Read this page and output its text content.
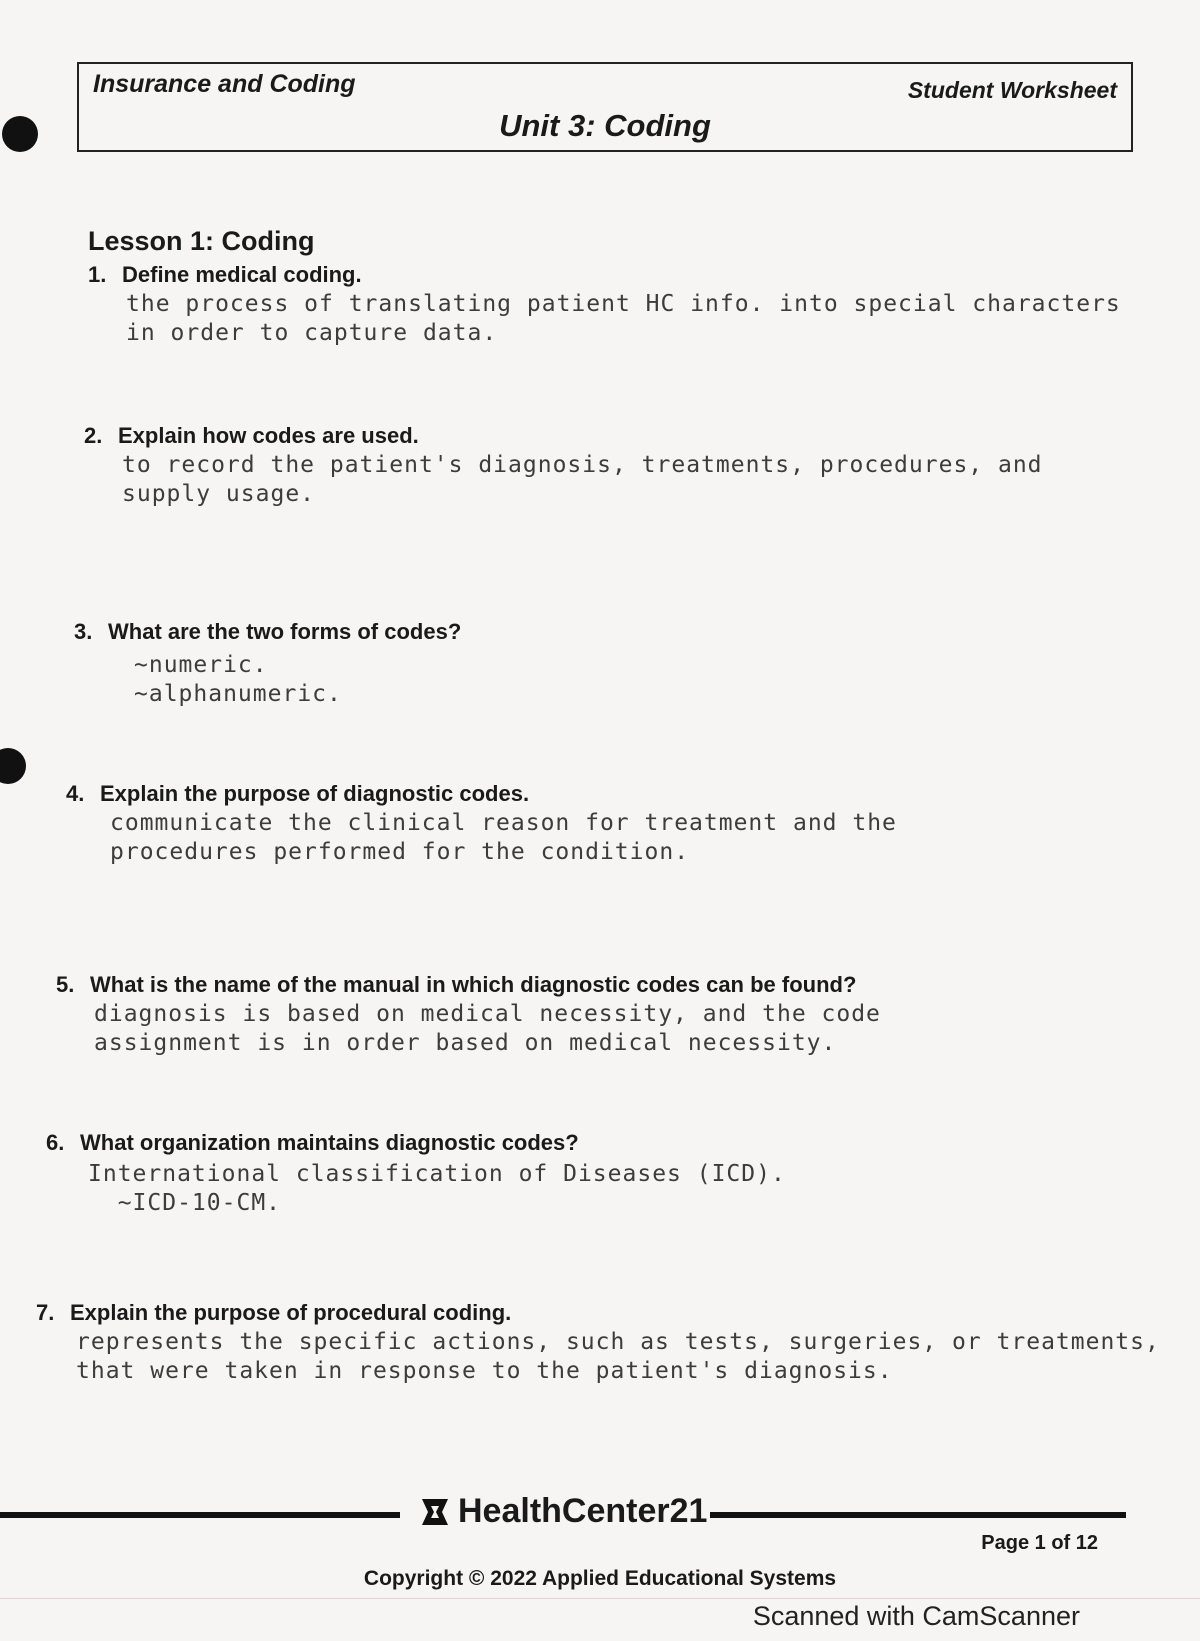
Insurance and Coding	Student Worksheet
Unit 3: Coding
Lesson 1: Coding
1. Define medical coding.
the process of translating patient HC info. into special characters
in order to capture data.
2. Explain how codes are used.
to record the patient's diagnosis, treatments, procedures, and
supply usage.
3. What are the two forms of codes?
~numeric.
~alphanumeric.
4. Explain the purpose of diagnostic codes.
communicate the clinical reason for treatment and the
procedures performed for the condition.
5. What is the name of the manual in which diagnostic codes can be found?
diagnosis is based on medical necessity, and the code
assignment is in order based on medical necessity.
6. What organization maintains diagnostic codes?
International classification of Diseases (ICD).
~ICD-10-CM.
7. Explain the purpose of procedural coding.
represents the specific actions, such as tests, surgeries, or treatments,
that were taken in response to the patient's diagnosis.
HealthCenter21
Page 1 of 12
Copyright © 2022 Applied Educational Systems
Scanned with CamScanner
